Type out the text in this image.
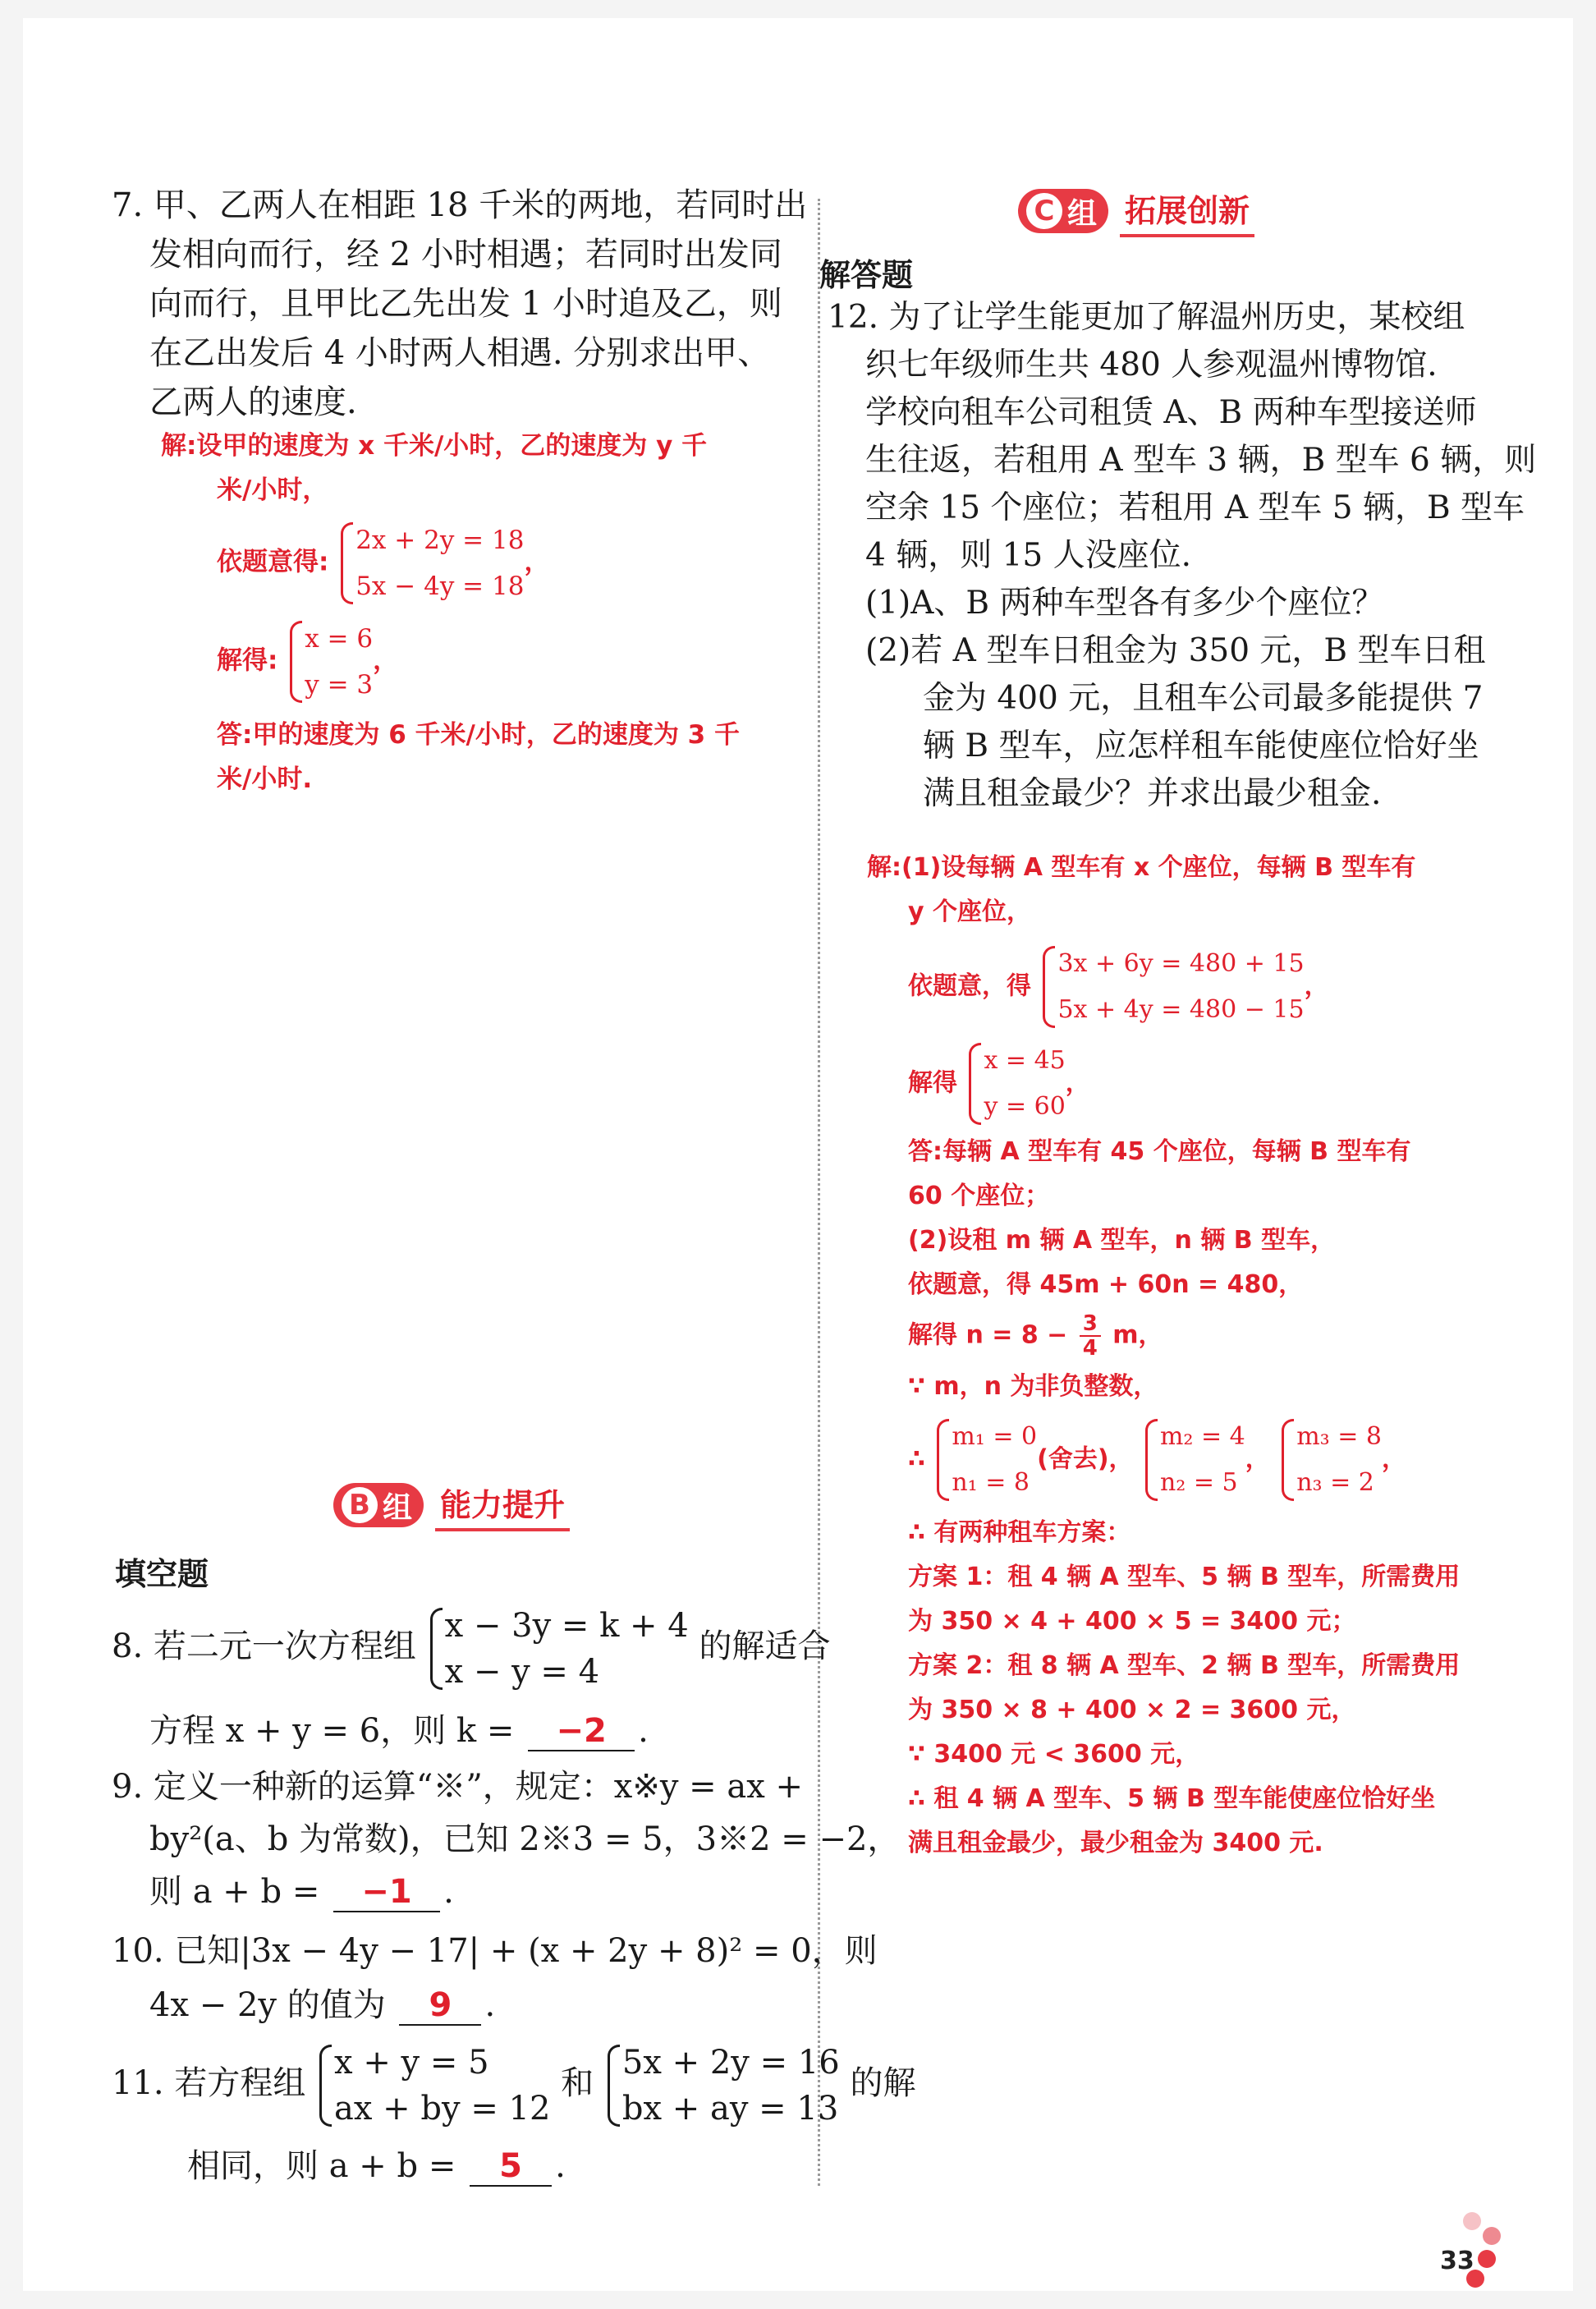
7. 甲、乙两人在相距 18 千米的两地，若同时出
发相向而行，经 2 小时相遇；若同时出发同
向而行，且甲比乙先出发 1 小时追及乙，则
在乙出发后 4 小时两人相遇. 分别求出甲、
乙两人的速度.
解:设甲的速度为 x 千米/小时，乙的速度为 y 千
米/小时，
依题意得:
2x + 2y = 18
5x − 4y = 18
，
解得:
x = 6
y = 3
，
答:甲的速度为 6 千米/小时，乙的速度为 3 千
米/小时.
B 组 能力提升
填空题
8. 若二元一次方程组
x − 3y = k + 4
x − y = 4
的解适合
方程 x + y = 6，则 k = −2 .
9. 定义一种新的运算“※”，规定：x※y = ax +
by²(a、b 为常数)，已知 2※3 = 5，3※2 = −2，
则 a + b = −1 .
10. 已知|3x − 4y − 17| + (x + 2y + 8)² = 0，则
4x − 2y 的值为 9 .
11. 若方程组
x + y = 5
ax + by = 12
和
5x + 2y = 16
bx + ay = 13
的解
相同，则 a + b = 5 .
C 组 拓展创新
解答题
12. 为了让学生能更加了解温州历史，某校组
织七年级师生共 480 人参观温州博物馆.
学校向租车公司租赁 A、B 两种车型接送师
生往返，若租用 A 型车 3 辆，B 型车 6 辆，则
空余 15 个座位；若租用 A 型车 5 辆，B 型车
4 辆，则 15 人没座位.
(1)A、B 两种车型各有多少个座位？
(2)若 A 型车日租金为 350 元，B 型车日租
金为 400 元，且租车公司最多能提供 7
辆 B 型车，应怎样租车能使座位恰好坐
满且租金最少？并求出最少租金.
解:(1)设每辆 A 型车有 x 个座位，每辆 B 型车有
y 个座位，
依题意，得
3x + 6y = 480 + 15
5x + 4y = 480 − 15
，
解得
x = 45
y = 60
，
答:每辆 A 型车有 45 个座位，每辆 B 型车有
60 个座位；
(2)设租 m 辆 A 型车，n 辆 B 型车，
依题意，得 45m + 60n = 480，
解得 $n = 8 - \frac{3}{4}$ m，
∵ m，n 为非负整数，
∴
m₁ = 0
n₁ = 8
(舍去)，
m₂ = 4
n₂ = 5
，
m₃ = 8
n₃ = 2
，
∴ 有两种租车方案：
方案 1：租 4 辆 A 型车、5 辆 B 型车，所需费用
为 350 × 4 + 400 × 5 = 3400 元；
方案 2：租 8 辆 A 型车、2 辆 B 型车，所需费用
为 350 × 8 + 400 × 2 = 3600 元，
∵ 3400 元 < 3600 元，
∴ 租 4 辆 A 型车、5 辆 B 型车能使座位恰好坐
满且租金最少，最少租金为 3400 元.
33
